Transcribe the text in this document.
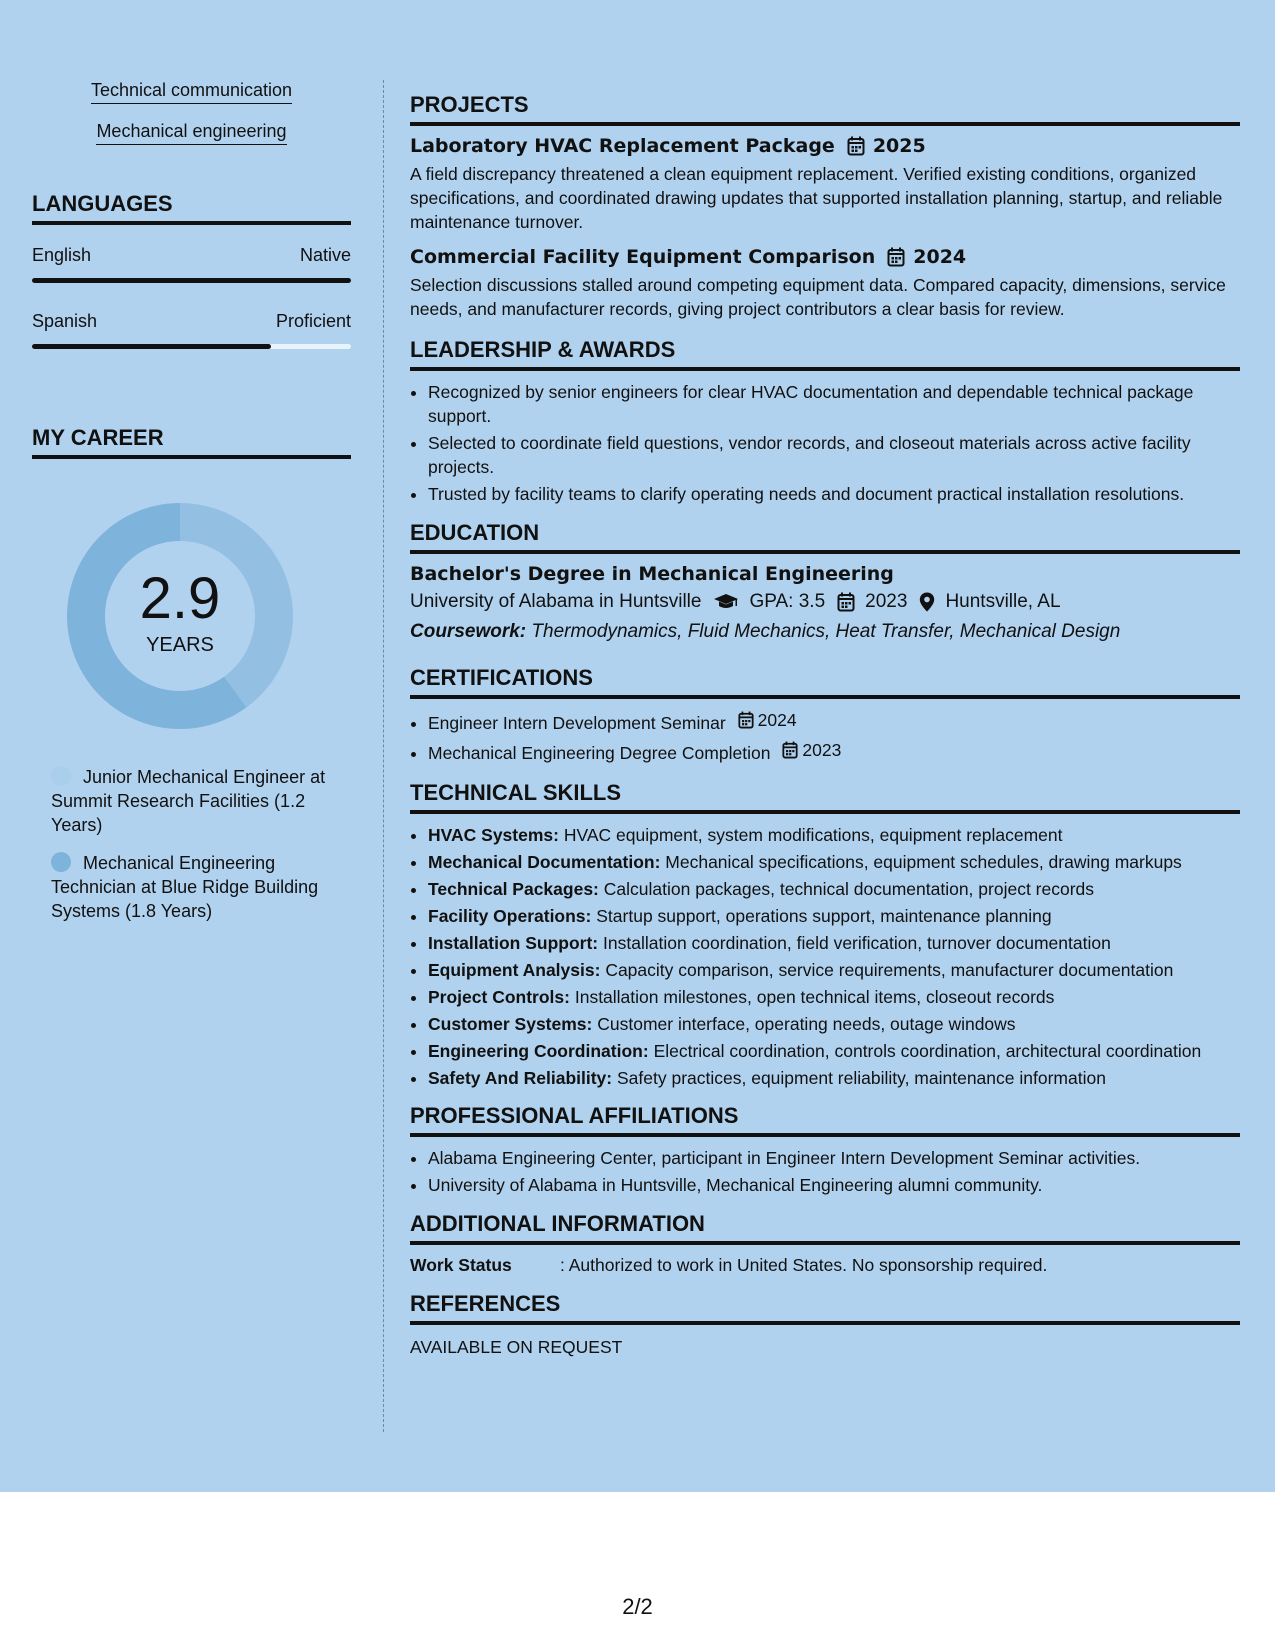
Technical communication
Mechanical engineering
LANGUAGES
English	Native
Spanish	Proficient
MY CAREER
2.9
YEARS
Junior Mechanical Engineer at Summit Research Facilities (1.2 Years)
Mechanical Engineering Technician at Blue Ridge Building Systems (1.8 Years)
PROJECTS
Laboratory HVAC Replacement Package 2025
A field discrepancy threatened a clean equipment replacement. Verified existing conditions, organized specifications, and coordinated drawing updates that supported installation planning, startup, and reliable maintenance turnover.
Commercial Facility Equipment Comparison 2024
Selection discussions stalled around competing equipment data. Compared capacity, dimensions, service needs, and manufacturer records, giving project contributors a clear basis for review.
LEADERSHIP & AWARDS
• Recognized by senior engineers for clear HVAC documentation and dependable technical package support.
• Selected to coordinate field questions, vendor records, and closeout materials across active facility projects.
• Trusted by facility teams to clarify operating needs and document practical installation resolutions.
EDUCATION
Bachelor's Degree in Mechanical Engineering
University of Alabama in Huntsville	GPA: 3.5 2023 Huntsville, AL
Coursework: Thermodynamics, Fluid Mechanics, Heat Transfer, Mechanical Design
CERTIFICATIONS
• Engineer Intern Development Seminar 2024
• Mechanical Engineering Degree Completion 2023
TECHNICAL SKILLS
• HVAC Systems: HVAC equipment, system modifications, equipment replacement
• Mechanical Documentation: Mechanical specifications, equipment schedules, drawing markups
• Technical Packages: Calculation packages, technical documentation, project records
• Facility Operations: Startup support, operations support, maintenance planning
• Installation Support: Installation coordination, field verification, turnover documentation
• Equipment Analysis: Capacity comparison, service requirements, manufacturer documentation
• Project Controls: Installation milestones, open technical items, closeout records
• Customer Systems: Customer interface, operating needs, outage windows
• Engineering Coordination: Electrical coordination, controls coordination, architectural coordination
• Safety And Reliability: Safety practices, equipment reliability, maintenance information
PROFESSIONAL AFFILIATIONS
• Alabama Engineering Center, participant in Engineer Intern Development Seminar activities.
• University of Alabama in Huntsville, Mechanical Engineering alumni community.
ADDITIONAL INFORMATION
Work Status	: Authorized to work in United States. No sponsorship required.
REFERENCES
AVAILABLE ON REQUEST
2/2
